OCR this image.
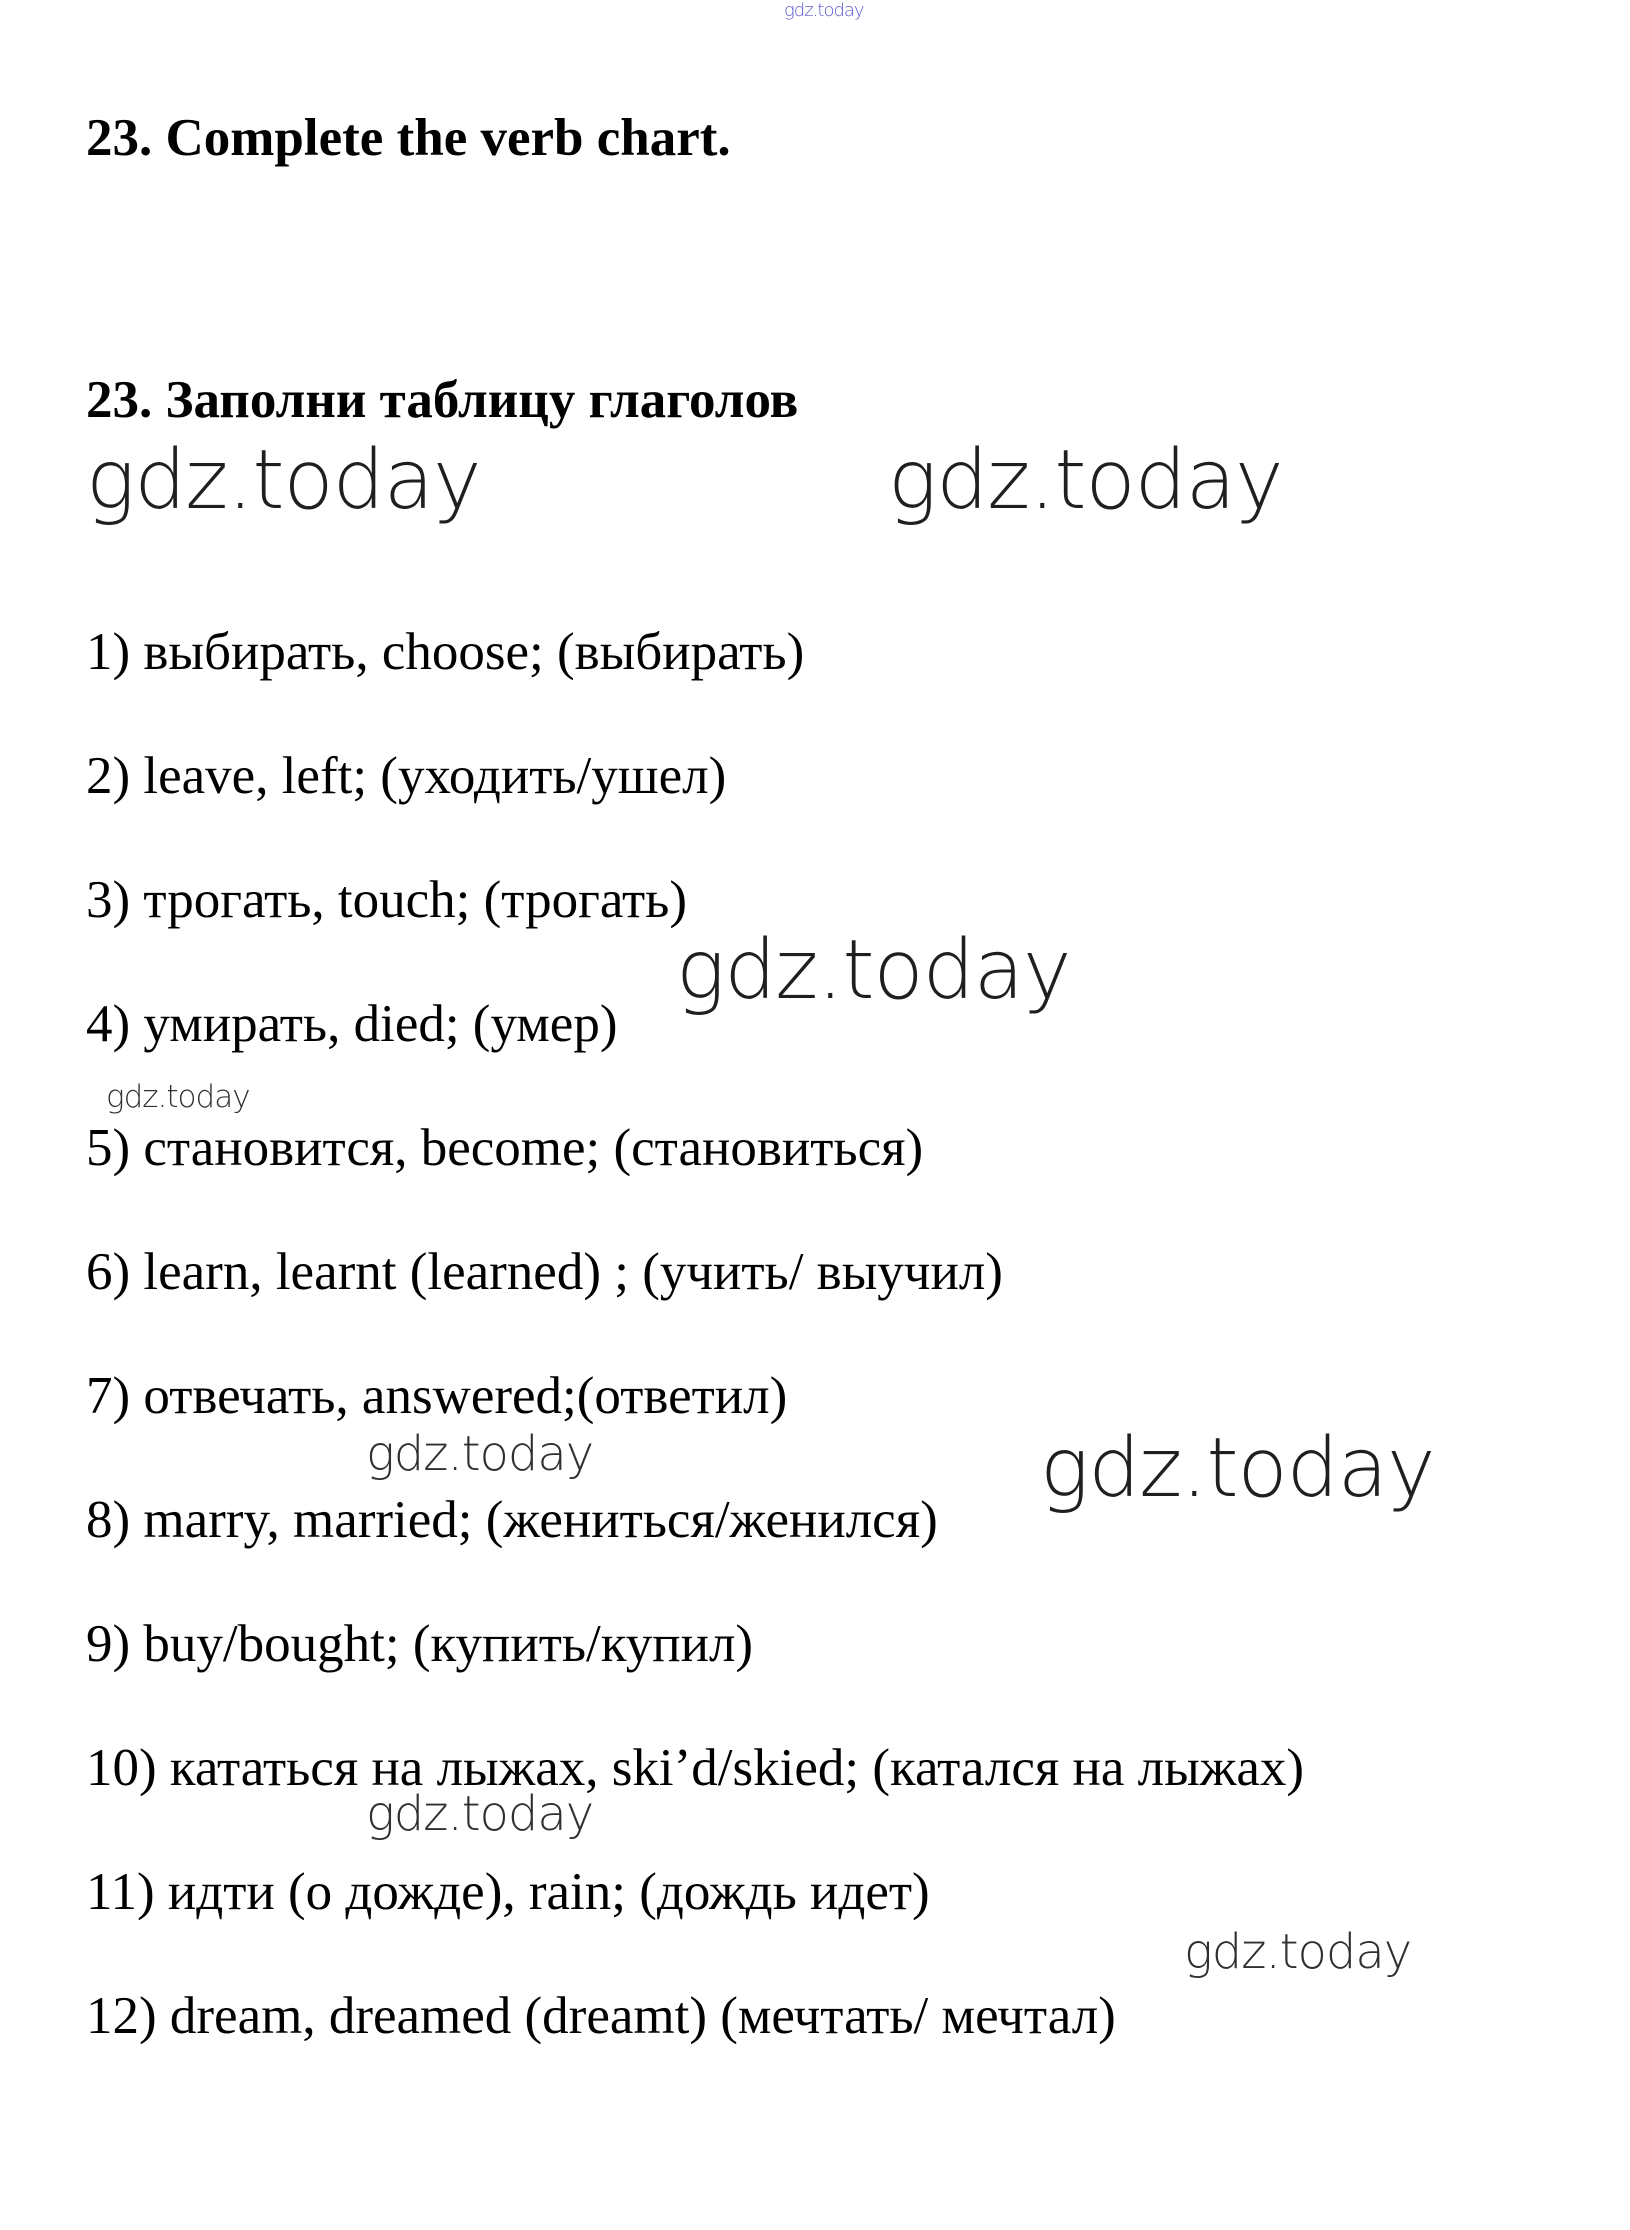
gdz.today
23. Complete the verb chart.
23. Заполни таблицу глаголов
gdz.today	gdz.today
1) выбирать, choose; (выбирать)
2) leave, left; (уходить/ушел)
3) трогать, touch; (трогать)
gdz.today
4) умирать, died; (умер)
gdz.today
5) становится, become; (становиться)
6) learn, learnt (learned) ; (учить/ выучил)
7) отвечать, answered;(ответил)
gdz.today	gdz.today
8) marry, married; (жениться/женился)
9) buy/bought; (купить/купил)
10) кататься на лыжах, ski’d/skied; (катался на лыжах)
gdz.today
11) идти (о дожде), rain; (дождь идет)
gdz.today
12) dream, dreamed (dreamt) (мечтать/ мечтал)
